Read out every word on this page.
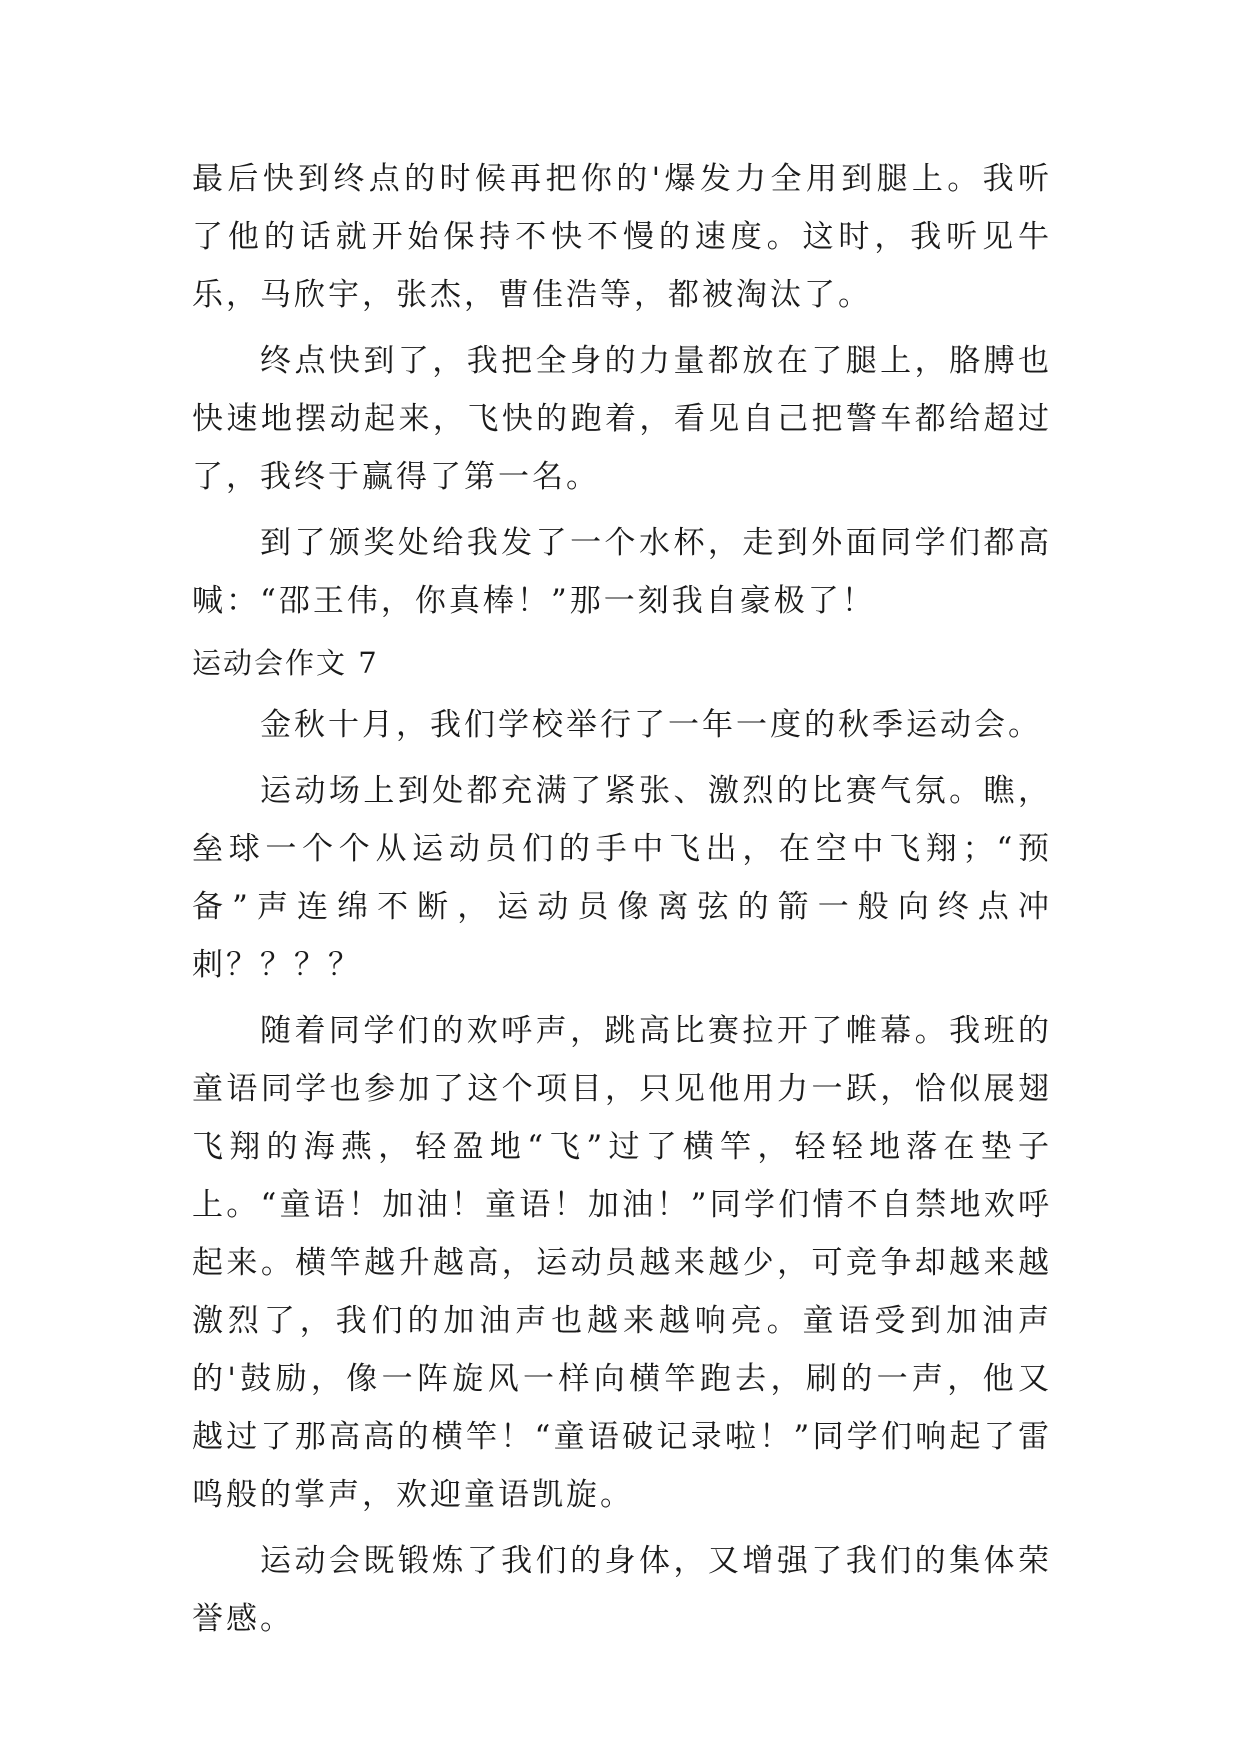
最后快到终点的时候再把你的'爆发力全用到腿上。我听了他的话就开始保持不快不慢的速度。这时，我听见牛乐，马欣宇，张杰，曹佳浩等，都被淘汰了。

终点快到了，我把全身的力量都放在了腿上，胳膊也快速地摆动起来，飞快的跑着，看见自己把警车都给超过了，我终于赢得了第一名。

到了颁奖处给我发了一个水杯，走到外面同学们都高喊：“邵王伟，你真棒！”那一刻我自豪极了！

运动会作文 7

金秋十月，我们学校举行了一年一度的秋季运动会。

运动场上到处都充满了紧张、激烈的比赛气氛。瞧，垒球一个个从运动员们的手中飞出，在空中飞翔；“预备”声连绵不断，运动员像离弦的箭一般向终点冲刺？？？？

随着同学们的欢呼声，跳高比赛拉开了帷幕。我班的童语同学也参加了这个项目，只见他用力一跃，恰似展翅飞翔的海燕，轻盈地“飞”过了横竿，轻轻地落在垫子上。“童语！加油！童语！加油！”同学们情不自禁地欢呼起来。横竿越升越高，运动员越来越少，可竞争却越来越激烈了，我们的加油声也越来越响亮。童语受到加油声的'鼓励，像一阵旋风一样向横竿跑去，刷的一声，他又越过了那高高的横竿！“童语破记录啦！”同学们响起了雷鸣般的掌声，欢迎童语凯旋。

运动会既锻炼了我们的身体，又增强了我们的集体荣誉感。
